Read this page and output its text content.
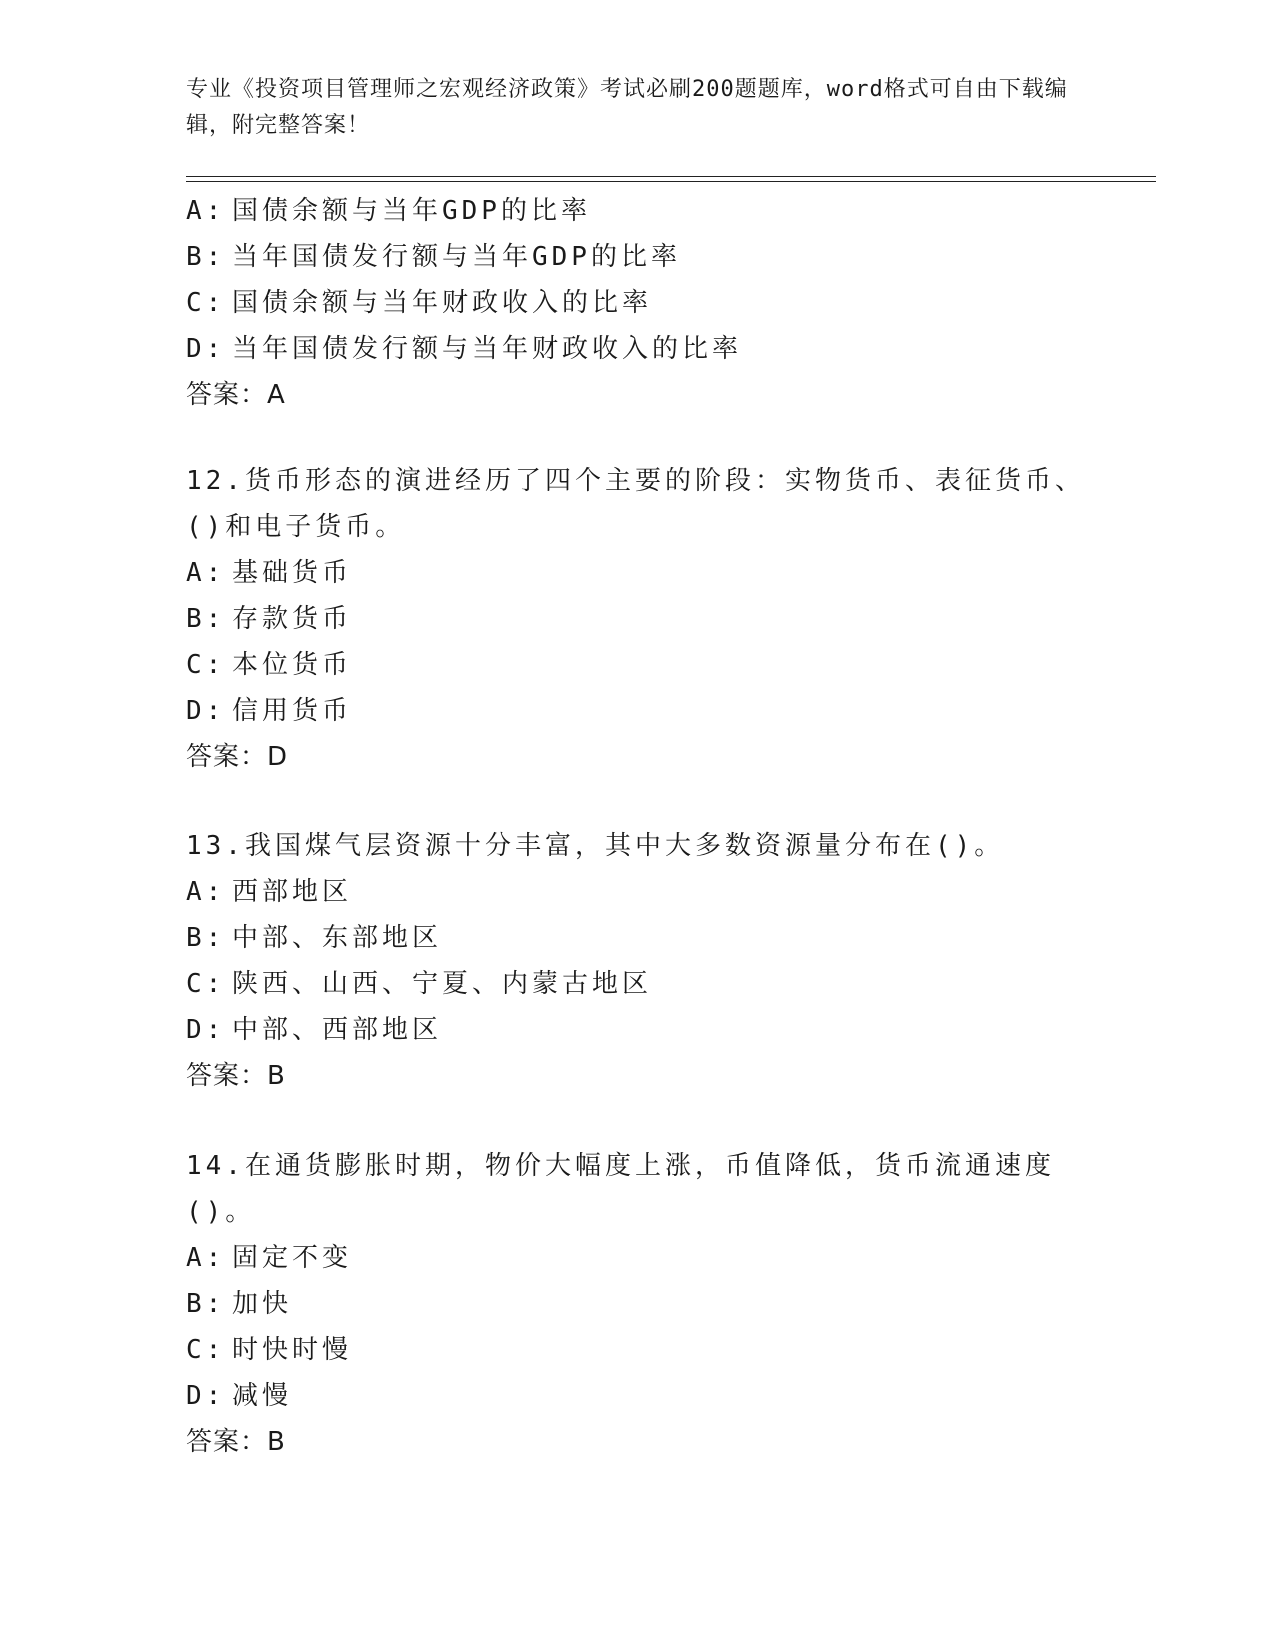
专业《投资项目管理师之宏观经济政策》考试必刷200题题库，word格式可自由下载编辑，附完整答案！
A: 国债余额与当年GDP的比率
B: 当年国债发行额与当年GDP的比率
C: 国债余额与当年财政收入的比率
D: 当年国债发行额与当年财政收入的比率
答案：A
12.货币形态的演进经历了四个主要的阶段：实物货币、表征货币、()和电子货币。
A: 基础货币
B: 存款货币
C: 本位货币
D: 信用货币
答案：D
13.我国煤气层资源十分丰富，其中大多数资源量分布在()。
A: 西部地区
B: 中部、东部地区
C: 陕西、山西、宁夏、内蒙古地区
D: 中部、西部地区
答案：B
14.在通货膨胀时期，物价大幅度上涨，币值降低，货币流通速度()。
A: 固定不变
B: 加快
C: 时快时慢
D: 减慢
答案：B
